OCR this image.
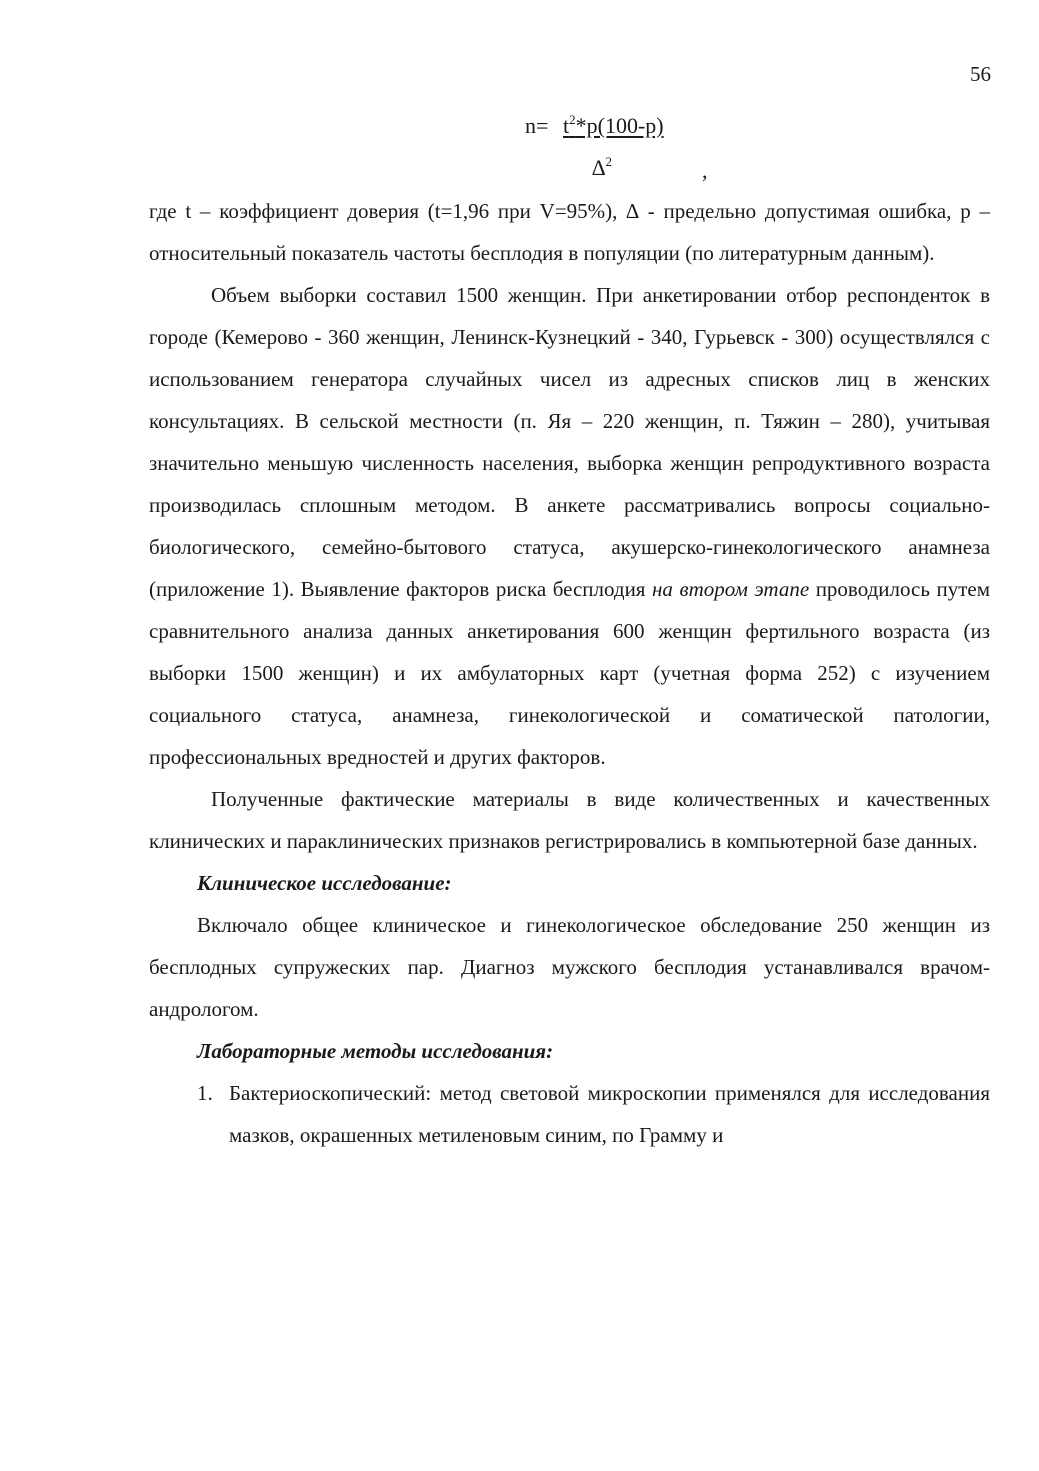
56
$n= t^2*p(100-p)$
∆$^2$	,

где t – коэффициент доверия (t=1,96 при V=95%), ∆ - предельно допустимая ошибка, p – относительный показатель частоты бесплодия в популяции (по литературным данным).

Объем выборки составил 1500 женщин. При анкетировании отбор респонденток в городе (Кемерово - 360 женщин, Ленинск-Кузнецкий - 340, Гурьевск - 300) осуществлялся с использованием генератора случайных чисел из адресных списков лиц в женских консультациях. В сельской местности (п. Яя – 220 женщин, п. Тяжин – 280), учитывая значительно меньшую численность населения, выборка женщин репродуктивного возраста производилась сплошным методом. В анкете рассматривались вопросы социально-биологического, семейно-бытового статуса, акушерско-гинекологического анамнеза (приложение 1). Выявление факторов риска бесплодия на втором этапе проводилось путем сравнительного анализа данных анкетирования 600 женщин фертильного возраста (из выборки 1500 женщин) и их амбулаторных карт (учетная форма 252) с изучением социального статуса, анамнеза, гинекологической и соматической патологии, профессиональных вредностей и других факторов.

Полученные фактические материалы в виде количественных и качественных клинических и параклинических признаков регистрировались в компьютерной базе данных.

Клиническое исследование:

Включало общее клиническое и гинекологическое обследование 250 женщин из бесплодных супружеских пар. Диагноз мужского бесплодия устанавливался врачом-андрологом.

Лабораторные методы исследования:

1. Бактериоскопический: метод световой микроскопии применялся для исследования мазков, окрашенных метиленовым синим, по Грамму и
